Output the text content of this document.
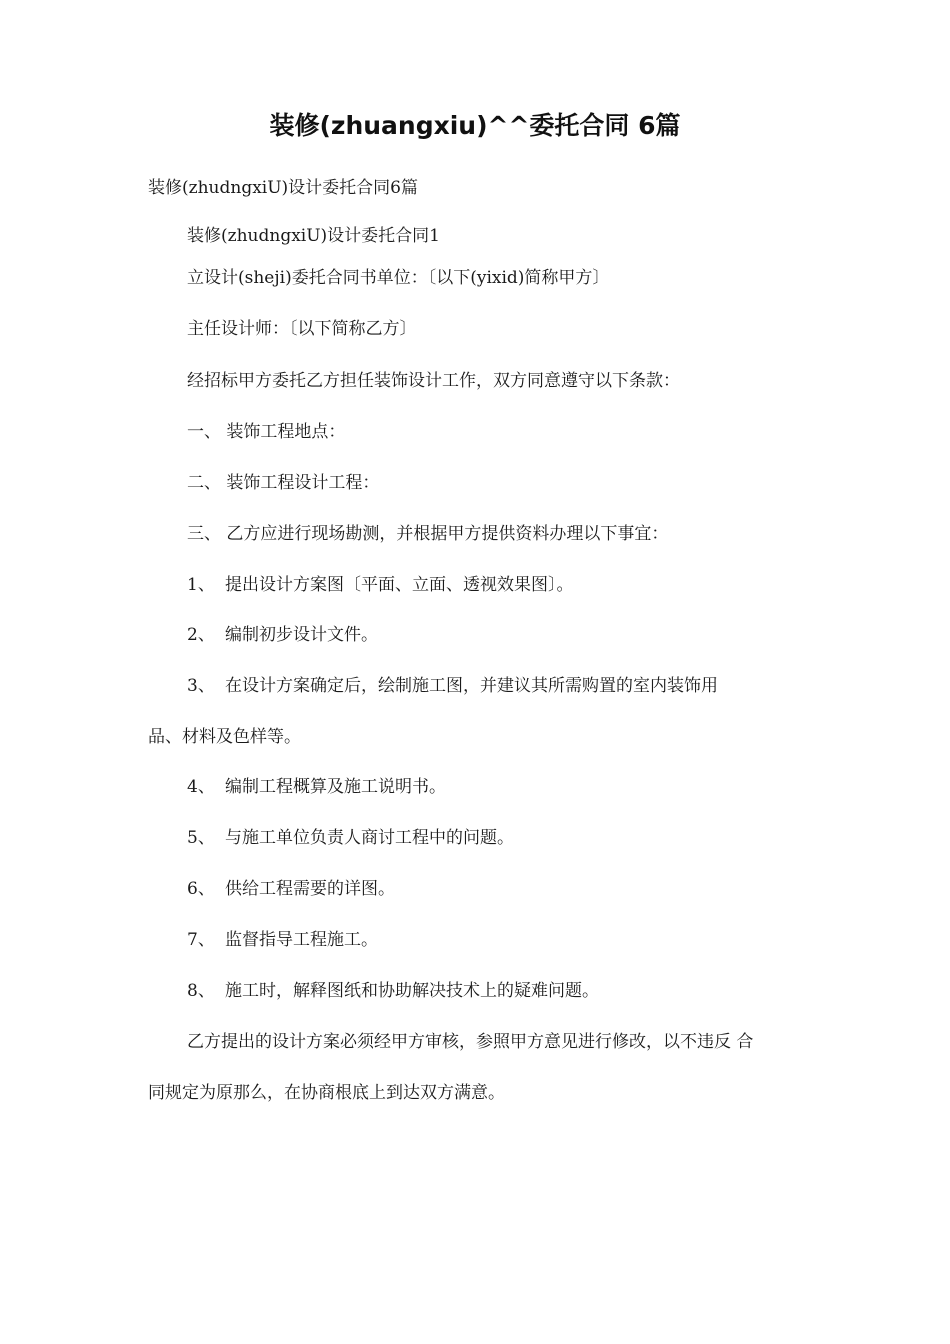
装修(zhuangxiu)^^委托合同 6篇

装修(zhudngxiU)设计委托合同6篇

装修(zhudngxiU)设计委托合同1

立设计(sheji)委托合同书单位：〔以下(yixid)简称甲方〕

主任设计师：〔以下简称乙方〕

经招标甲方委托乙方担任装饰设计工作，双方同意遵守以下条款：

一、 装饰工程地点：

二、 装饰工程设计工程：

三、 乙方应进行现场勘测，并根据甲方提供资料办理以下事宜：

1、 提出设计方案图〔平面、立面、透视效果图〕。
2、 编制初步设计文件。
3、 在设计方案确定后，绘制施工图，并建议其所需购置的室内装饰用

品、材料及色样等。

4、 编制工程概算及施工说明书。
5、 与施工单位负责人商讨工程中的问题。
6、 供给工程需要的详图。
7、 监督指导工程施工。
8、 施工时，解释图纸和协助解决技术上的疑难问题。

乙方提出的设计方案必须经甲方审核，参照甲方意见进行修改，以不违反 合

同规定为原那么，在协商根底上到达双方满意。
